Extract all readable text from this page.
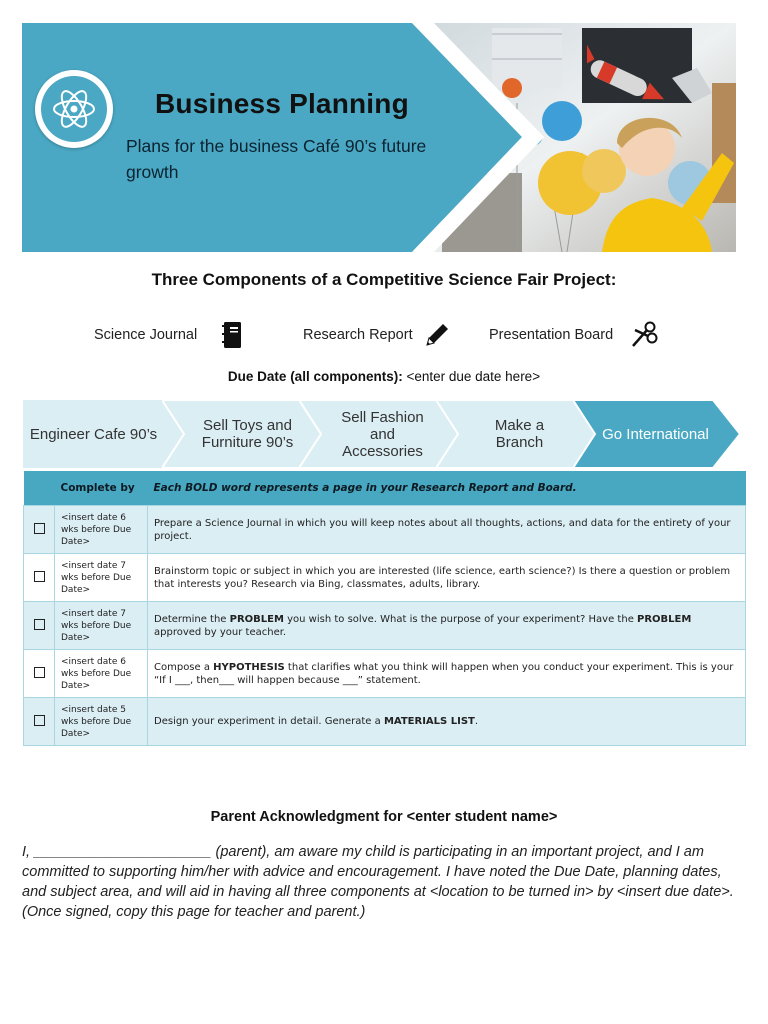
Business Planning
Plans for the business Café 90’s future growth
Three Components of a Competitive Science Fair Project:
Science Journal	Research Report	Presentation Board
Due Date (all components): <enter due date here>
Engineer Cafe 90’s	Sell Toys and Furniture 90’s
Sell Fashion and Accessories
Make a Branch	Go International
	Complete by	Each BOLD word represents a page in your Research Report and Board.
	<insert date 6 wks before Due Date>	Prepare a Science Journal in which you will keep notes about all thoughts, actions, and data for the entirety of your project.
	<insert date 7 wks before Due Date>	Brainstorm topic or subject in which you are interested (life science, earth science?) Is there a question or problem that interests you? Research via Bing, classmates, adults, library.
	<insert date 7 wks before Due Date>	Determine the PROBLEM you wish to solve. What is the purpose of your experiment? Have the PROBLEM approved by your teacher.
	<insert date 6 wks before Due Date>	Compose a HYPOTHESIS that clarifies what you think will happen when you conduct your experiment. This is your “If I ___, then___ will happen because ___” statement.
	<insert date 5 wks before Due Date>	Design your experiment in detail. Generate a MATERIALS LIST.
Parent Acknowledgment for <enter student name>
I, ______________________ (parent), am aware my child is participating in an important project, and I am committed to supporting him/her with advice and encouragement. I have noted the Due Date, planning dates, and subject area, and will aid in having all three components at <location to be turned in> by <insert due date>. (Once signed, copy this page for teacher and parent.)
